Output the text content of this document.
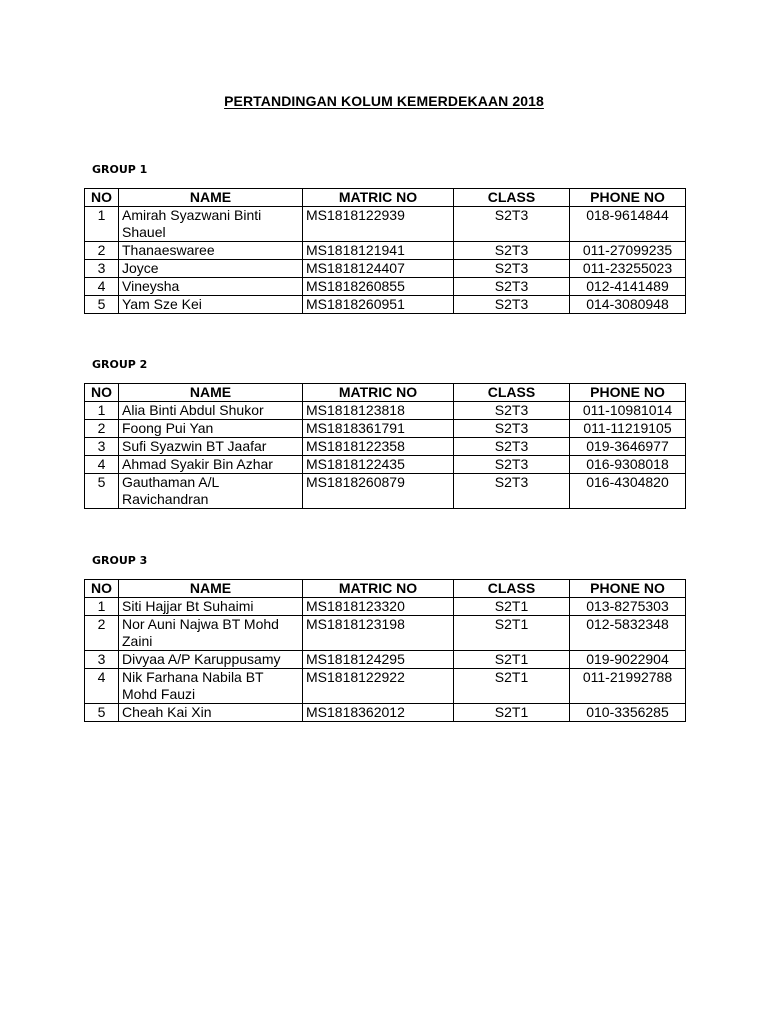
PERTANDINGAN KOLUM KEMERDEKAAN 2018
GROUP 1
NO	NAME	MATRIC NO	CLASS	PHONE NO
1	Amirah Syazwani Binti Shauel	MS1818122939	S2T3	018-9614844
2	Thanaeswaree	MS1818121941	S2T3	011-27099235
3	Joyce	MS1818124407	S2T3	011-23255023
4	Vineysha	MS1818260855	S2T3	012-4141489
5	Yam Sze Kei	MS1818260951	S2T3	014-3080948
GROUP 2
NO	NAME	MATRIC NO	CLASS	PHONE NO
1	Alia Binti Abdul Shukor	MS1818123818	S2T3	011-10981014
2	Foong Pui Yan	MS1818361791	S2T3	011-11219105
3	Sufi Syazwin BT Jaafar	MS1818122358	S2T3	019-3646977
4	Ahmad Syakir Bin Azhar	MS1818122435	S2T3	016-9308018
5	Gauthaman A/L Ravichandran	MS1818260879	S2T3	016-4304820
GROUP 3
NO	NAME	MATRIC NO	CLASS	PHONE NO
1	Siti Hajjar Bt Suhaimi	MS1818123320	S2T1	013-8275303
2	Nor Auni Najwa BT Mohd Zaini	MS1818123198	S2T1	012-5832348
3	Divyaa A/P Karuppusamy	MS1818124295	S2T1	019-9022904
4	Nik Farhana Nabila BT Mohd Fauzi	MS1818122922	S2T1	011-21992788
5	Cheah Kai Xin	MS1818362012	S2T1	010-3356285
